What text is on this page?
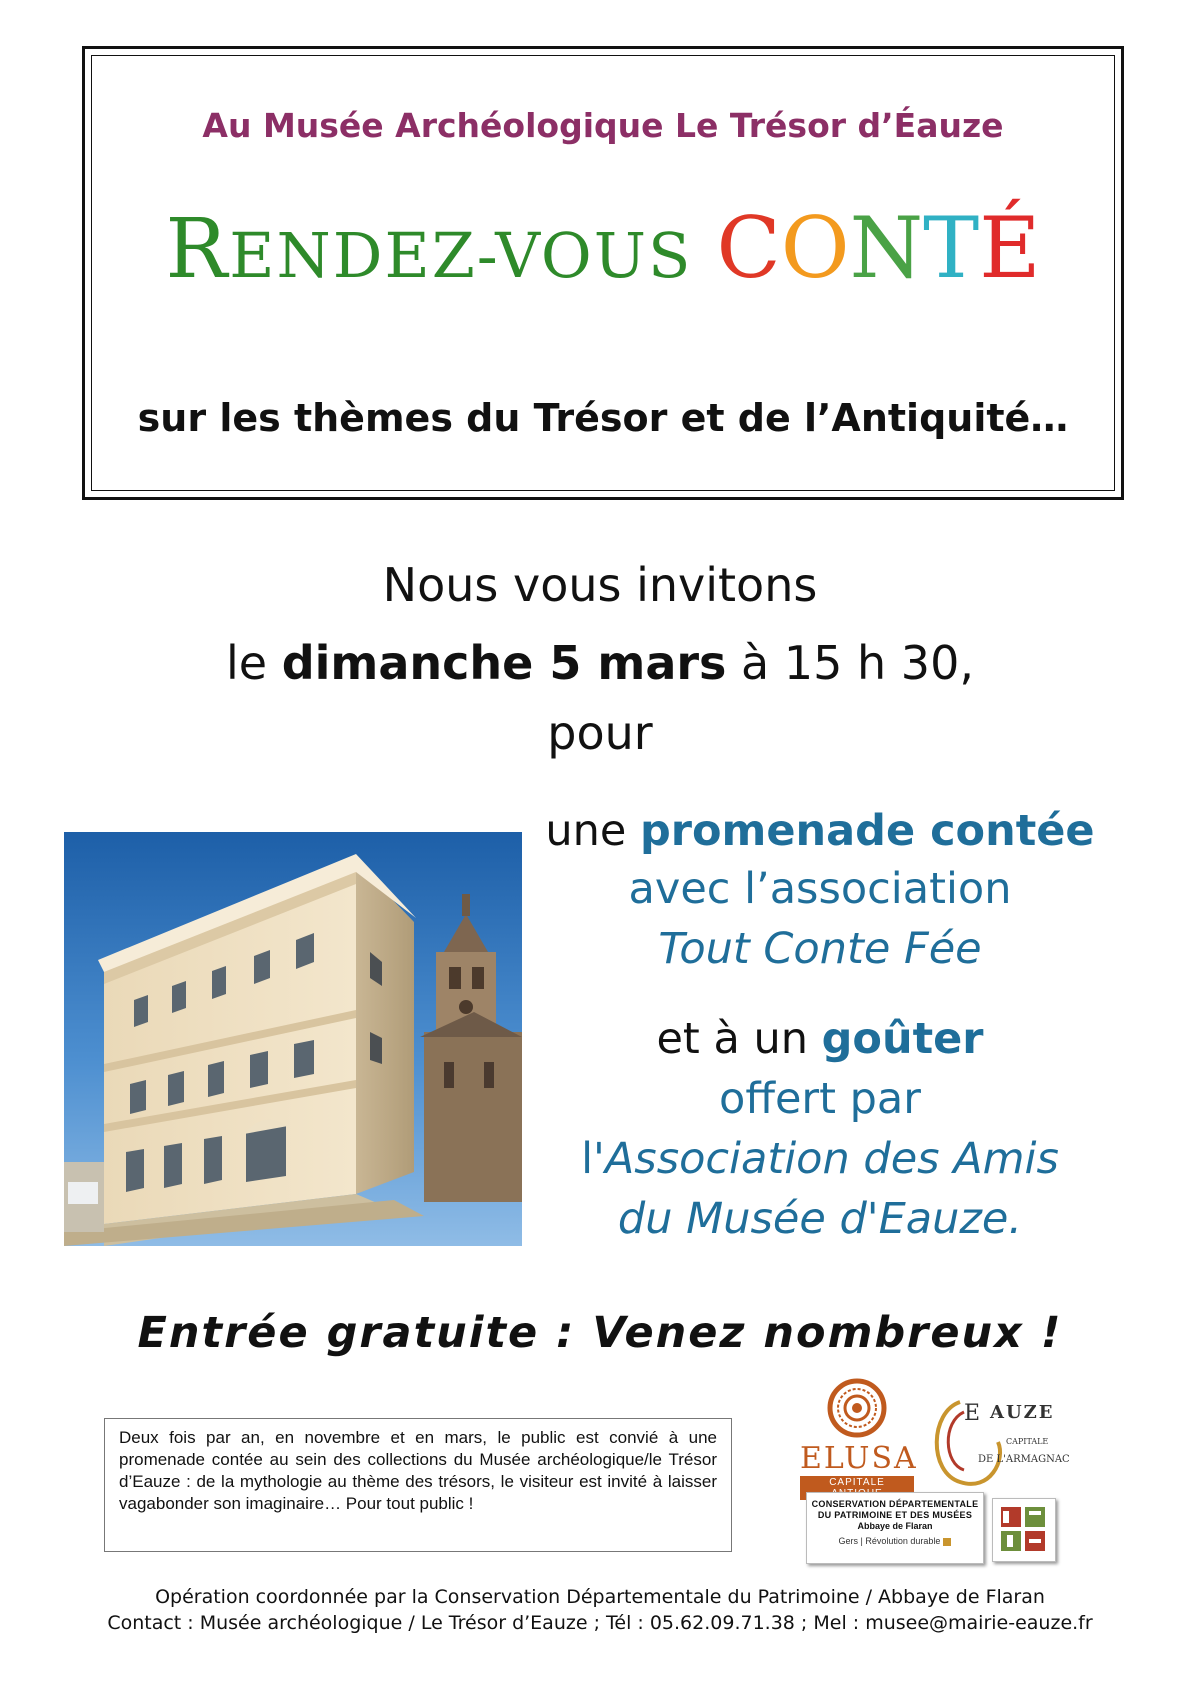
Au Musée Archéologique Le Trésor d’Éauze
RENDEZ-VOUS CONTÉ
sur les thèmes du Trésor et de l’Antiquité…
Nous vous invitons
le dimanche 5 mars à 15 h 30,
pour
une promenade contée
avec l’association
Tout Conte Fée
et à un goûter
offert par
l'Association des Amis
du Musée d'Eauze.
Entrée gratuite : Venez nombreux !
Deux fois par an, en novembre et en mars, le public est convié à une promenade contée au sein des collections du Musée archéologique/le Trésor d’Eauze : de la mythologie au thème des trésors, le visiteur est invité à laisser vagabonder son imaginaire… Pour tout public !
ELUSA
CAPITALE
E AUZE
CAPITALE
DE L'ARMAGNAC
CONSERVATION DÉPARTEMENTALE
DU PATRIMOINE ET DES MUSÉES
Abbaye de Flaran
Gers | Révolution durable
Opération coordonnée par la Conservation Départementale du Patrimoine / Abbaye de Flaran
Contact : Musée archéologique / Le Trésor d’Eauze ; Tél : 05.62.09.71.38 ; Mel : musee@mairie-eauze.fr
